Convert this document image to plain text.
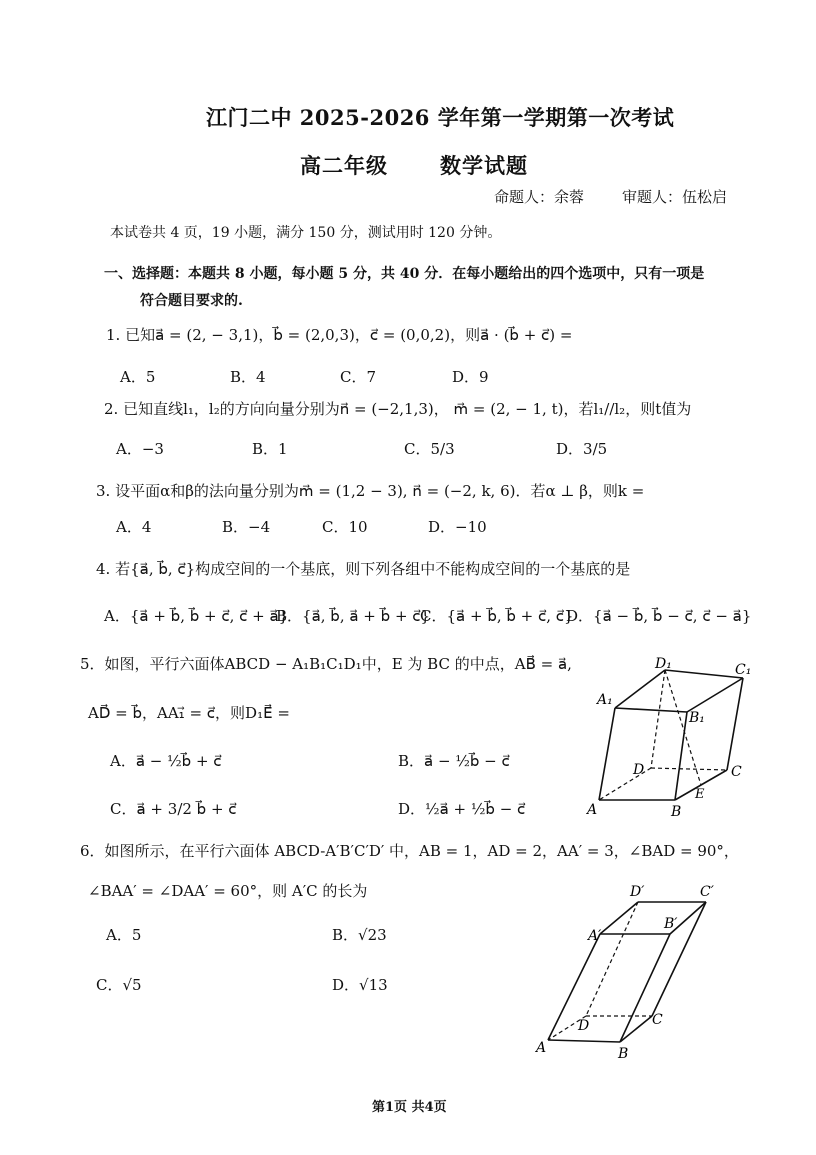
江门二中 2025-2026 学年第一学期第一次考试
高二年级 数学试题
命题人：余蓉	审题人：伍松启
本试卷共 4 页，19 小题，满分 150 分，测试用时 120 分钟。
一、选择题：本题共 8 小题，每小题 5 分，共 40 分．在每小题给出的四个选项中，只有一项是
符合题目要求的.
1. 已知a⃗ = (2, − 3,1)，b⃗ = (2,0,3)，c⃗ = (0,0,2)，则a⃗ · (b⃗ + c⃗) =
A．5	B．4	C．7	D．9
2. 已知直线l₁，l₂的方向向量分别为n⃗ = (−2,1,3)， m⃗ = (2, − 1, t)，若l₁//l₂，则t值为
A．−3	B．1	C．5/3	D．3/5
3. 设平面α和β的法向量分别为m⃗ = (1,2 − 3), n⃗ = (−2, k, 6)．若α ⊥ β，则k =
A．4	B．−4	C．10	D．−10
4. 若{a⃗, b⃗, c⃗}构成空间的一个基底，则下列各组中不能构成空间的一个基底的是
A．{a⃗ + b⃗, b⃗ + c⃗, c⃗ + a⃗}
B．{a⃗, b⃗, a⃗ + b⃗ + c⃗}
C．{a⃗ + b⃗, b⃗ + c⃗, c⃗}
D．{a⃗ − b⃗, b⃗ − c⃗, c⃗ − a⃗}
5．如图，平行六面体ABCD − A₁B₁C₁D₁中，E 为 BC 的中点，AB⃗ = a⃗,
AD⃗ = b⃗，AA₁⃗ = c⃗，则D₁E⃗ =
A．a⃗ − ½b⃗ + c⃗	B．a⃗ − ½b⃗ − c⃗
C．a⃗ + 3/2 b⃗ + c⃗	D．½a⃗ + ½b⃗ − c⃗
D₁	C₁
A₁
B₁
D	C
A	B
E
6．如图所示，在平行六面体 ABCD-A′B′C′D′ 中，AB = 1，AD = 2，AA′ = 3，∠BAD = 90°，
∠BAA′ = ∠DAA′ = 60°，则 A′C 的长为
A．5	B．√23
C．√5	D．√13
D′	C′
A′
B′
D	C
A	B
第1页 共4页
